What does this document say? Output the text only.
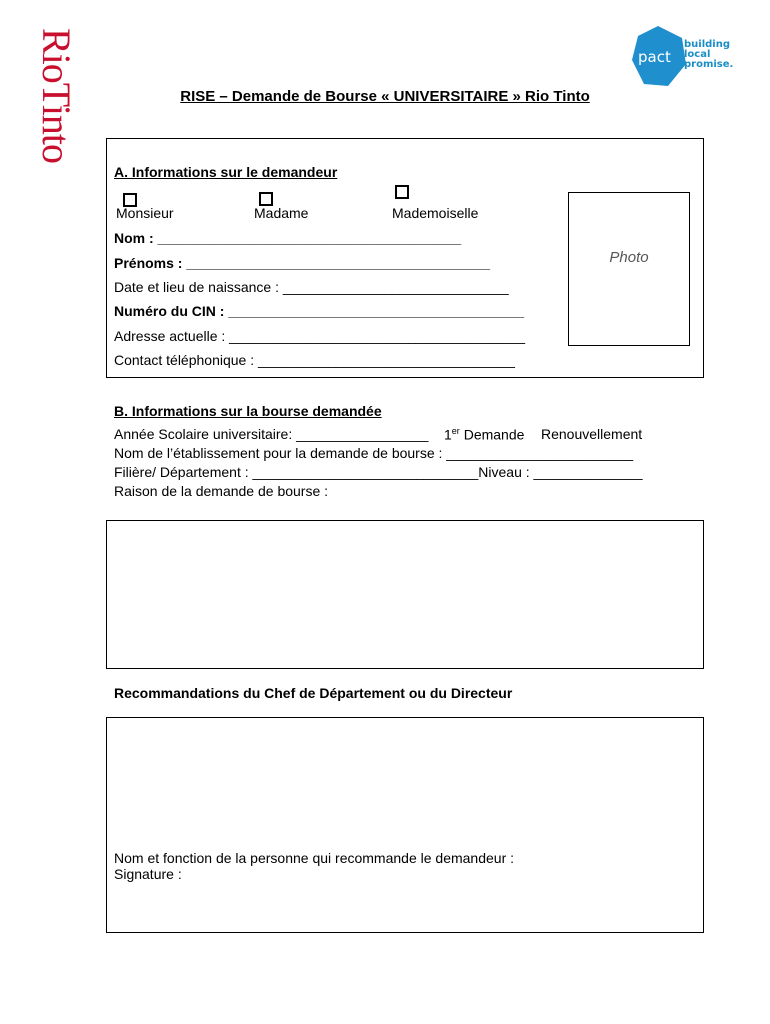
RioTinto	pact
building
local
promise.
RISE – Demande de Bourse « UNIVERSITAIRE » Rio Tinto
A. Informations sur le demandeur
Monsieur	Madame	Mademoiselle
Photo
Nom : _______________________________________
Prénoms : _______________________________________
Date et lieu de naissance : _____________________________
Numéro du CIN : ______________________________________
Adresse actuelle : ______________________________________
Contact téléphonique : _________________________________
B. Informations sur la bourse demandée
Année Scolaire universitaire: _________________ 1er Demande Renouvellement
Nom de l’établissement pour la demande de bourse : ________________________
Filière/ Département : _____________________________Niveau : ______________
Raison de la demande de bourse :
Recommandations du Chef de Département ou du Directeur
Nom et fonction de la personne qui recommande le demandeur :
Signature :
